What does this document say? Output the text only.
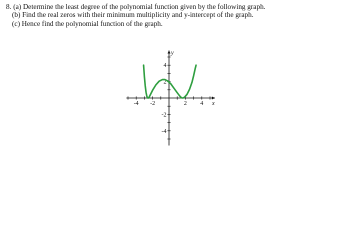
8. (a) Determine the least degree of the polynomial function given by the following graph.
(b) Find the real zeros with their minimum multiplicity and y-intercept of the graph.
(c) Hence find the polynomial function of the graph.
-4 -2	2 4
4
2
-2
-4
x
y
